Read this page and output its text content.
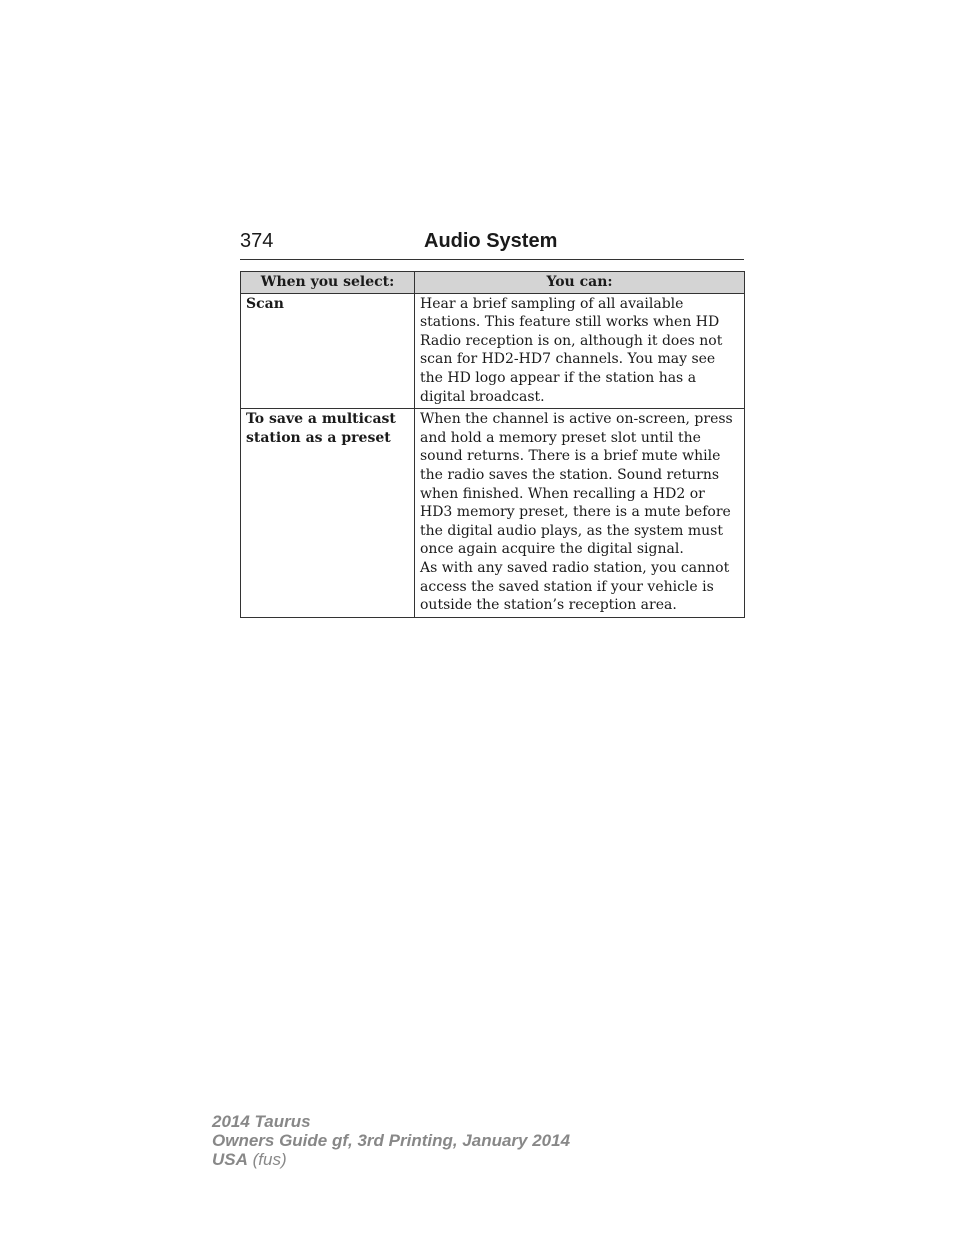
374	Audio System
When you select:	You can:
Scan	Hear a brief sampling of all available stations. This feature still works when HD Radio reception is on, although it does not scan for HD2-HD7 channels. You may see the HD logo appear if the station has a digital broadcast.

To save a multicast station as a preset	When the channel is active on-screen, press and hold a memory preset slot until the sound returns. There is a brief mute while the radio saves the station. Sound returns when finished. When recalling a HD2 or HD3 memory preset, there is a mute before the digital audio plays, as the system must once again acquire the digital signal.
As with any saved radio station, you cannot access the saved station if your vehicle is outside the station’s reception area.
2014 Taurus
Owners Guide gf, 3rd Printing, January 2014
USA (fus)
